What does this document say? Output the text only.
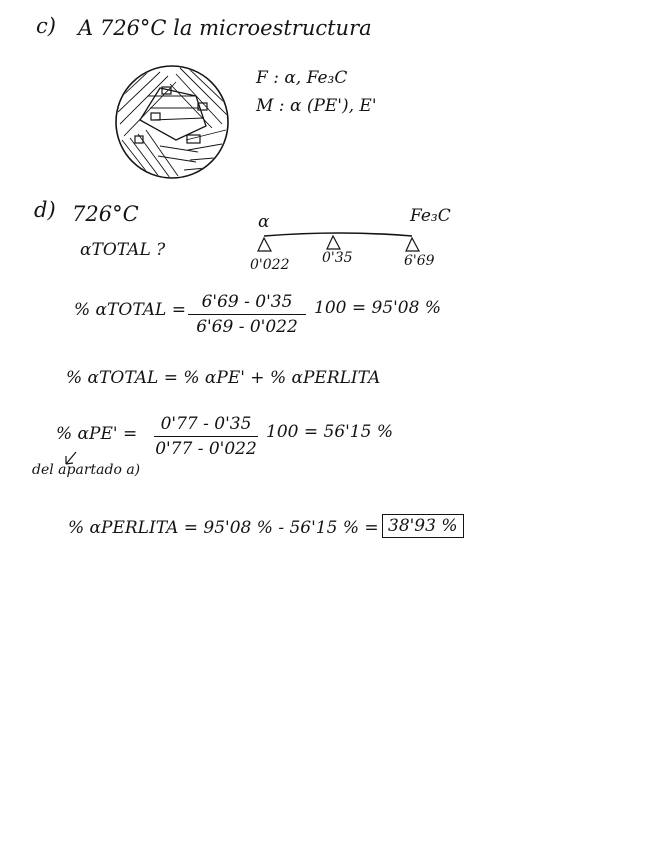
c) A 726°C la microestructura
F : α, Fe₃C
M : α (PE'), E'
d) 726°C
αTOTAL ?
α	Fe₃C
0'022 0'35	6'69
% αTOTAL = 6'69 - 0'35
6'69 - 0'022
100 = 95'08 %
% αTOTAL = % αPE' + % αPERLITA
% αPE' =	0'77 - 0'35
0'77 - 0'022
100 = 56'15 %
del apartado a)
% αPERLITA = 95'08 % - 56'15 % = 38'93 %
